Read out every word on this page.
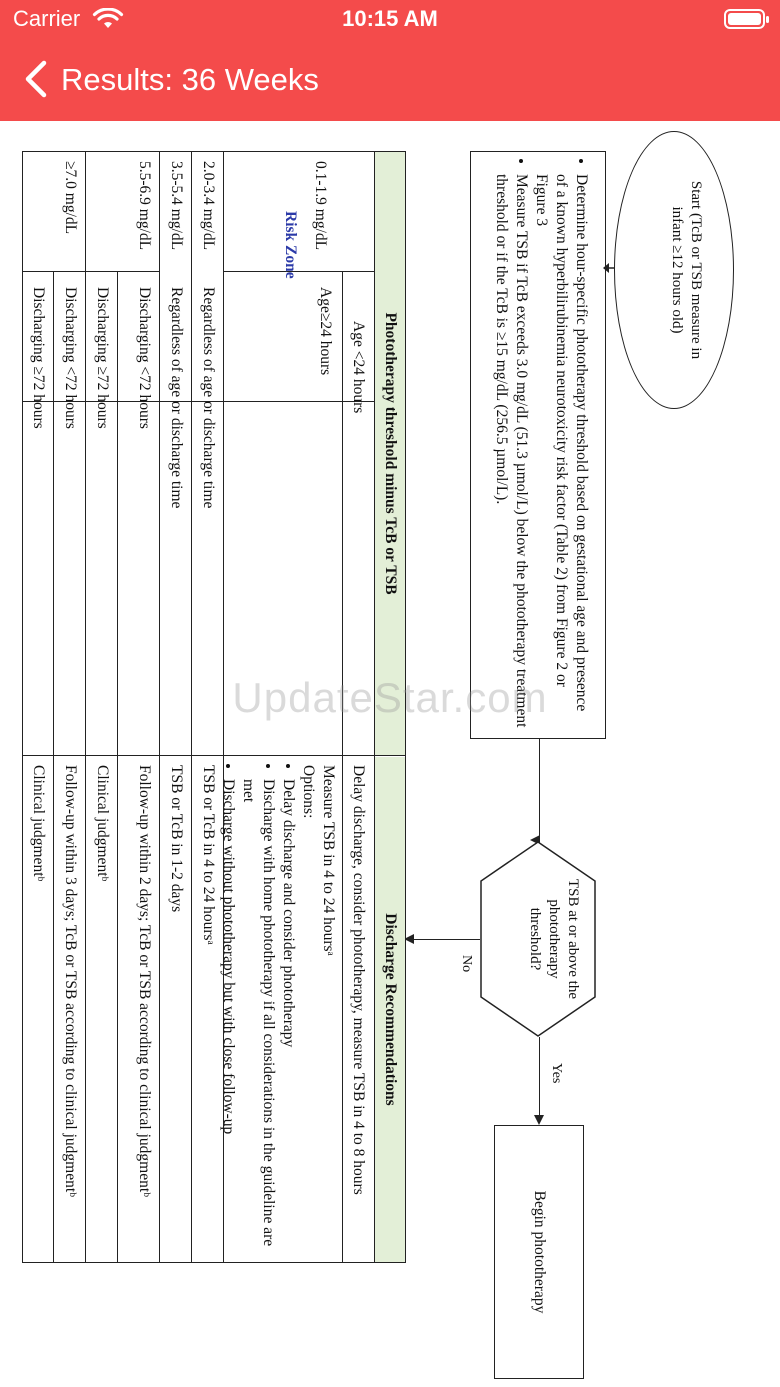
Carrier	10:15 AM
Results: 36 Weeks
Start (TcB or TSB measure in infant ≥12 hours old)
• Determine hour-specific phototherapy threshold based on gestational age and presence of a known hyperbilirubinemia neurotoxicity risk factor (Table 2) from Figure 2 or Figure 3
• Measure TSB if TcB exceeds 3.0 mg/dL (51.3 µmol/L) below the phototherapy treatment threshold or if the TcB is ≥15 mg/dL (256.5 µmol/L).
TSB at or above the phototherapy threshold?
Yes
Begin phototherapy
No
Phototherapy threshold minus TcB or TSB
Discharge Recommendations
0.1-1.9 mg/dL
Risk Zone
Age <24 hours
Delay discharge, consider phototherapy, measure TSB in 4 to 8 hours
Age≥24 hours
Measure TSB in 4 to 24 hoursᵃ
Options:
• Delay discharge and consider phototherapy
• Discharge with home phototherapy if all considerations in the guideline are met
• Discharge without phototherapy but with close follow-up
2.0-3.4 mg/dL
Regardless of age or discharge time
TSB or TcB in 4 to 24 hoursᵃ
3.5-5.4 mg/dL
Regardless of age or discharge time
TSB or TcB in 1-2 days
5.5-6.9 mg/dL
Discharging <72 hours
Follow-up within 2 days; TcB or TSB according to clinical judgmentᵇ
Discharging ≥72 hours
Clinical judgmentᵇ
≥7.0 mg/dL
Discharging <72 hours
Follow-up within 3 days; TcB or TSB according to clinical judgmentᵇ
Discharging ≥72 hours
Clinical judgmentᵇ
UpdateStar.com
